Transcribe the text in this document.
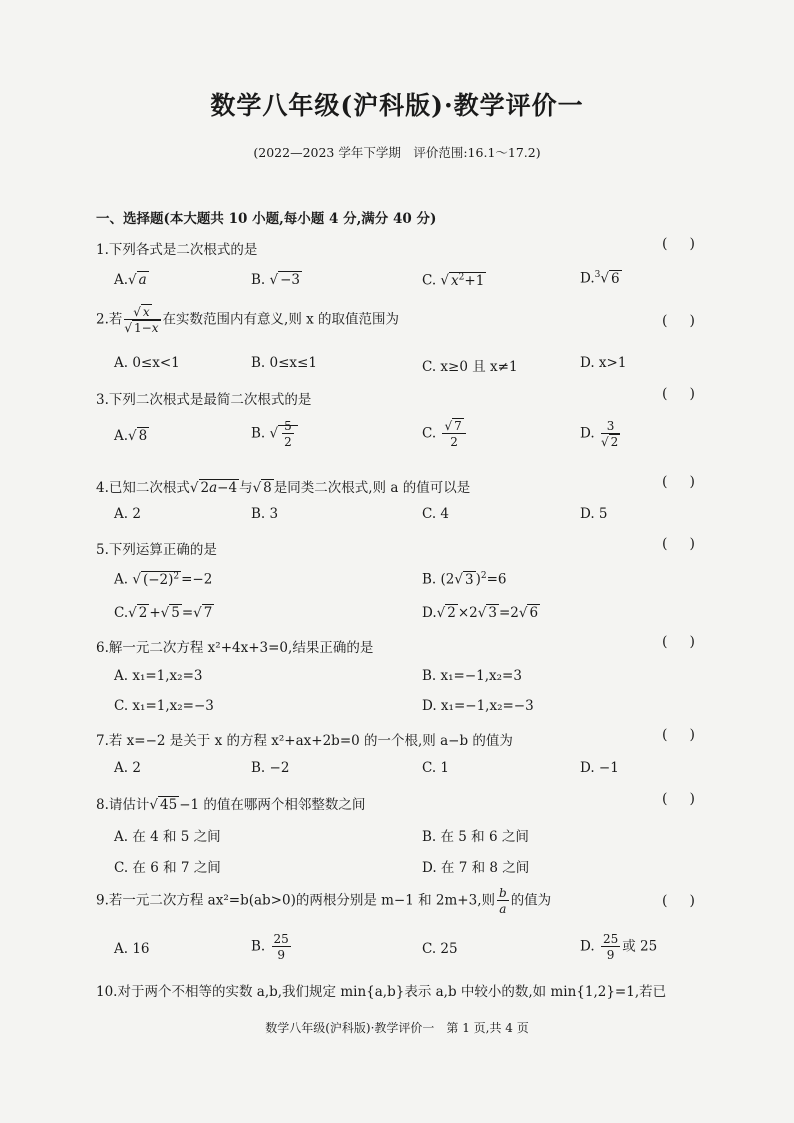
数学八年级(沪科版)·教学评价一
(2022—2023 学年下学期　评价范围:16.1～17.2)
一、选择题(本大题共 10 小题,每小题 4 分,满分 40 分)
1.下列各式是二次根式的是	()
A.√ a	B. √ −3	C. √ $x^2+1$	D.$^3$√ 6
2.若 $\frac{√ x}{√ 1-x}$ 在实数范围内有意义,则 x 的取值范围为	()
A. 0≤x<1	B. 0≤x≤1	C. x≥0 且 x≠1	D. x>1
3.下列二次根式是最简二次根式的是	()
A.√ 8	B. √ $\frac{5}{2}$	C. $\frac{√ 7}{2}$	D. $\frac{3}{√ 2}$
4.已知二次根式√ 2a−4 与√ 8 是同类二次根式,则 a 的值可以是	()
A. 2	B. 3	C. 4	D. 5
5.下列运算正确的是	()
A. √ $(-2)^2 =-2$	B. (2√ 3 )$^2$=6
C.√ 2 +√ 5 =√ 7	D.√ 2 ×2√ 3 =2√ 6
6.解一元二次方程 x²+4x+3=0,结果正确的是	()
A. x₁=1,x₂=3	B. x₁=−1,x₂=3
C. x₁=1,x₂=−3	D. x₁=−1,x₂=−3
7.若 x=−2 是关于 x 的方程 x²+ax+2b=0 的一个根,则 a−b 的值为	()
A. 2	B. −2	C. 1	D. −1
8.请估计√ 45 −1 的值在哪两个相邻整数之间	()
A. 在 4 和 5 之间	B. 在 5 和 6 之间
C. 在 6 和 7 之间	D. 在 7 和 8 之间
9.若一元二次方程 ax²=b(ab>0)的两根分别是 m−1 和 2m+3,则 $\frac{b}{a}$ 的值为	()
A. 16	B. $\frac{25}{9}$	C. 25	D. $\frac{25}{9}$ 或 25
10.对于两个不相等的实数 a,b,我们规定 min{a,b}表示 a,b 中较小的数,如 min{1,2}=1,若已
数学八年级(沪科版)·教学评价一　第 1 页,共 4 页
